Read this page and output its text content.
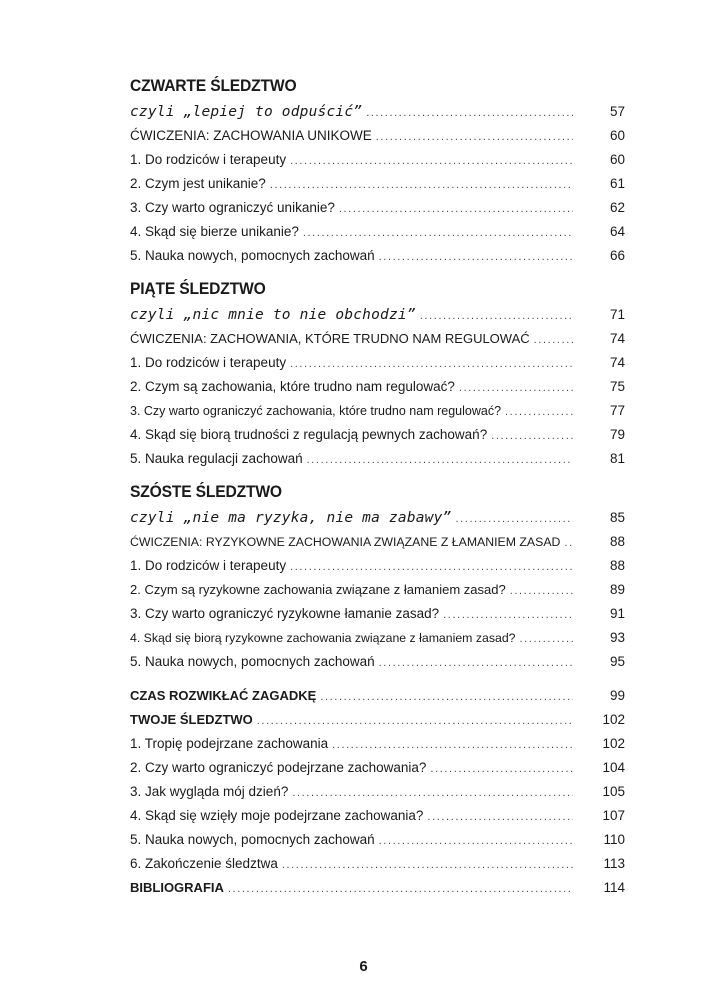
CZWARTE ŚLEDZTWO
czyli „lepiej to odpuścić” .....	57
ĆWICZENIA: ZACHOWANIA UNIKOWE .....	60
1. Do rodziców i terapeuty .....	60
2. Czym jest unikanie? .....	61
3. Czy warto ograniczyć unikanie? .....	62
4. Skąd się bierze unikanie? .....	64
5. Nauka nowych, pomocnych zachowań .....	66
PIĄTE ŚLEDZTWO
czyli „nic mnie to nie obchodzi” .....	71
ĆWICZENIA: ZACHOWANIA, KTÓRE TRUDNO NAM REGULOWAĆ .....	74
1. Do rodziców i terapeuty .....	74
2. Czym są zachowania, które trudno nam regulować? .....	75
3. Czy warto ograniczyć zachowania, które trudno nam regulować? .....	77
4. Skąd się biorą trudności z regulacją pewnych zachowań? .....	79
5. Nauka regulacji zachowań .....	81
SZÓSTE ŚLEDZTWO
czyli „nie ma ryzyka, nie ma zabawy” .....	85
ĆWICZENIA: RYZYKOWNE ZACHOWANIA ZWIĄZANE Z ŁAMANIEM ZASAD .....	88
1. Do rodziców i terapeuty .....	88
2. Czym są ryzykowne zachowania związane z łamaniem zasad? .....	89
3. Czy warto ograniczyć ryzykowne łamanie zasad? .....	91
4. Skąd się biorą ryzykowne zachowania związane z łamaniem zasad? .....	93
5. Nauka nowych, pomocnych zachowań .....	95
CZAS ROZWIKŁAĆ ZAGADKĘ .....	99
TWOJE ŚLEDZTWO .....	102
1. Tropię podejrzane zachowania .....	102
2. Czy warto ograniczyć podejrzane zachowania? .....	104
3. Jak wygląda mój dzień? .....	105
4. Skąd się wzięły moje podejrzane zachowania? .....	107
5. Nauka nowych, pomocnych zachowań .....	110
6. Zakończenie śledztwa .....	113
BIBLIOGRAFIA .....	114
6
